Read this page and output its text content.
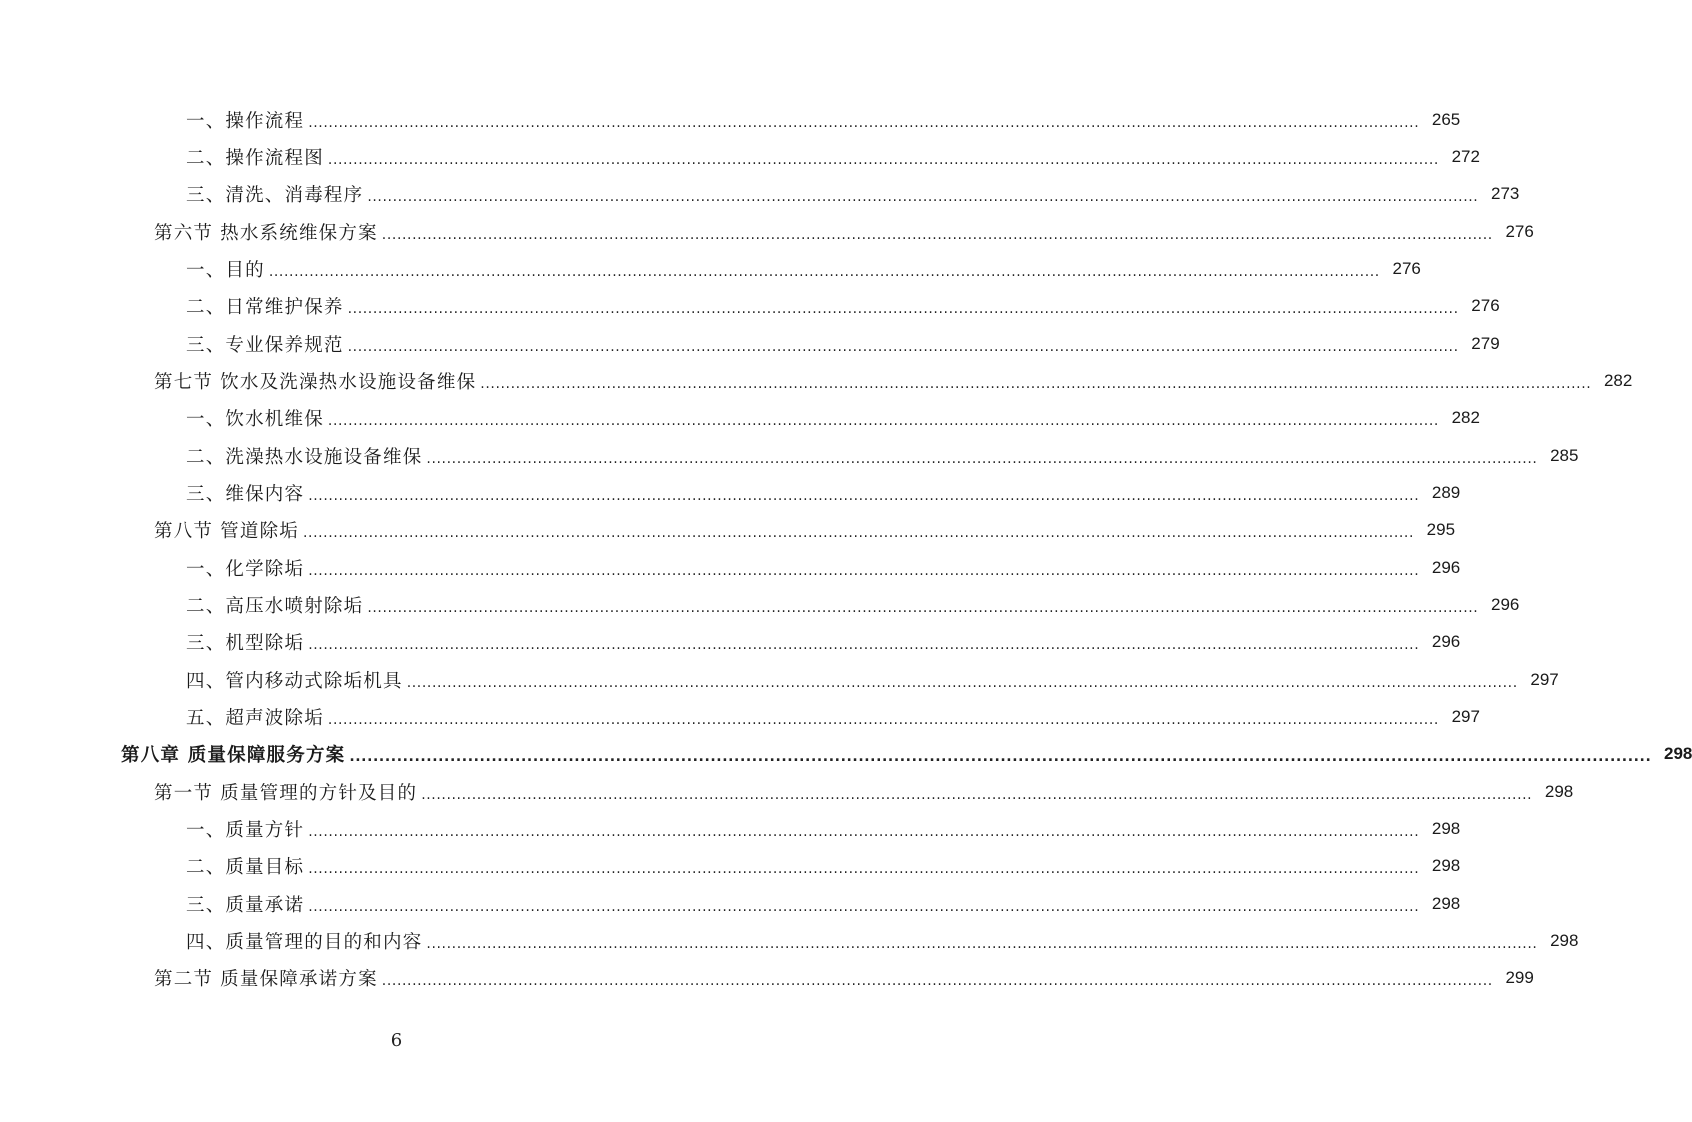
一、操作流程 ............................................................................................................................................................................................................................ 265
二、操作流程图 ............................................................................................................................................................................................................................ 272
三、清洗、消毒程序 ............................................................................................................................................................................................................................ 273
第六节 热水系统维保方案 ............................................................................................................................................................................................................................ 276
一、目的 ............................................................................................................................................................................................................................ 276
二、日常维护保养 ............................................................................................................................................................................................................................ 276
三、专业保养规范 ............................................................................................................................................................................................................................ 279
第七节 饮水及洗澡热水设施设备维保 ............................................................................................................................................................................................................................ 282
一、饮水机维保 ............................................................................................................................................................................................................................ 282
二、洗澡热水设施设备维保 ............................................................................................................................................................................................................................ 285
三、维保内容 ............................................................................................................................................................................................................................ 289
第八节 管道除垢 ............................................................................................................................................................................................................................ 295
一、化学除垢 ............................................................................................................................................................................................................................ 296
二、高压水喷射除垢 ............................................................................................................................................................................................................................ 296
三、机型除垢 ............................................................................................................................................................................................................................ 296
四、管内移动式除垢机具 ............................................................................................................................................................................................................................ 297
五、超声波除垢 ............................................................................................................................................................................................................................ 297
第八章 质量保障服务方案 ............................................................................................................................................................................................................................ 298
第一节 质量管理的方针及目的 ............................................................................................................................................................................................................................ 298
一、质量方针 ............................................................................................................................................................................................................................ 298
二、质量目标 ............................................................................................................................................................................................................................ 298
三、质量承诺 ............................................................................................................................................................................................................................ 298
四、质量管理的目的和内容 ............................................................................................................................................................................................................................ 298
第二节 质量保障承诺方案 ............................................................................................................................................................................................................................ 299
6
